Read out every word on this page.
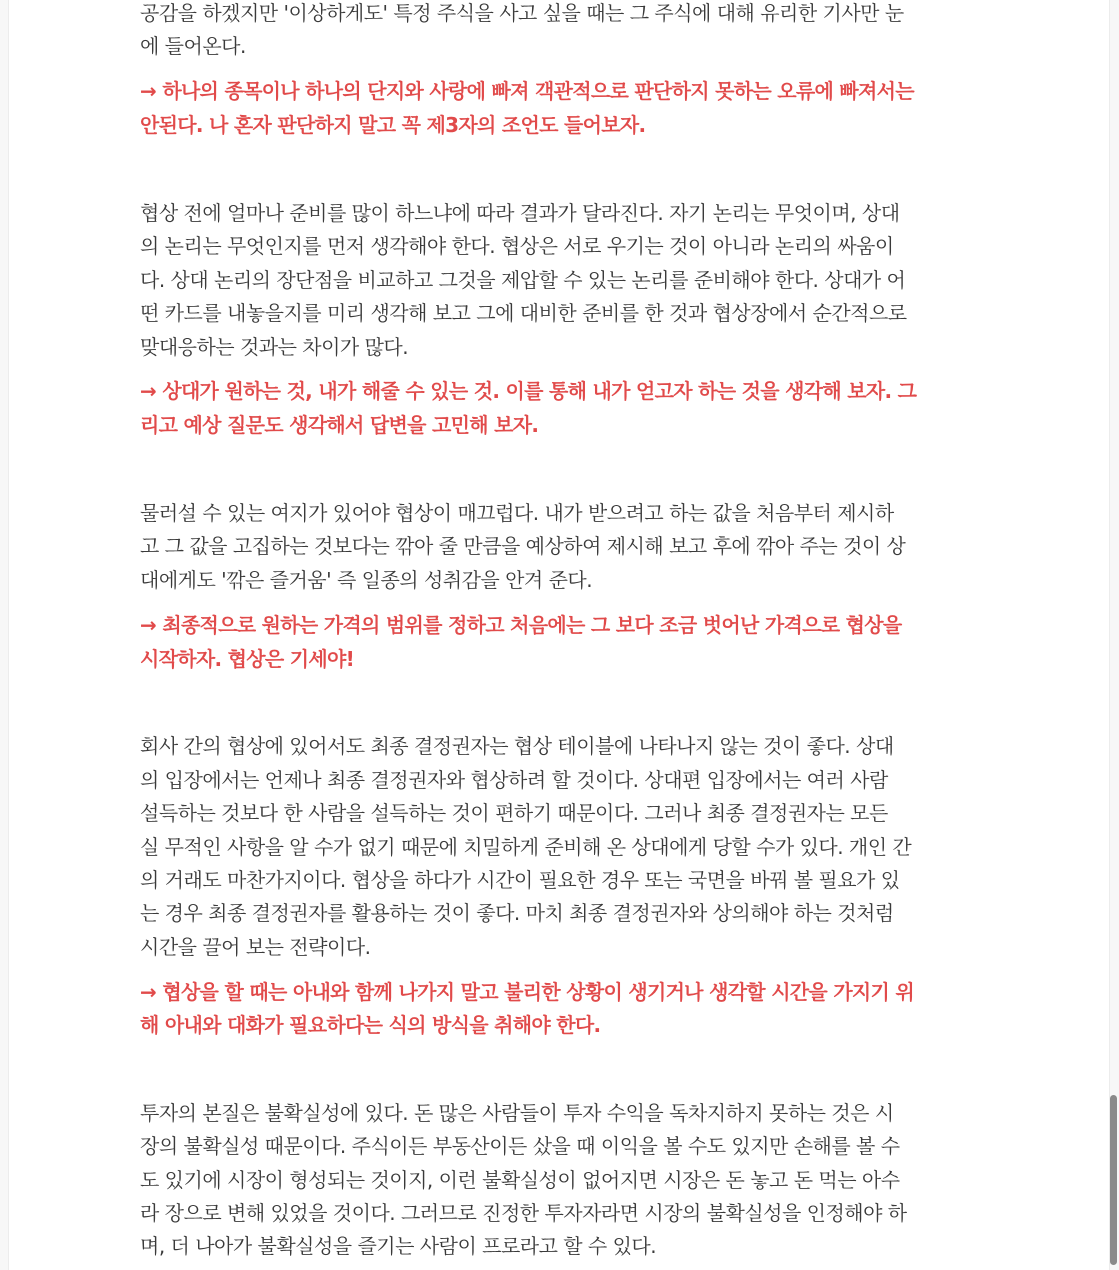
공감을 하겠지만 '이상하게도' 특정 주식을 사고 싶을 때는 그 주식에 대해 유리한 기사만 눈
에 들어온다.
→ 하나의 종목이나 하나의 단지와 사랑에 빠져 객관적으로 판단하지 못하는 오류에 빠져서는
안된다. 나 혼자 판단하지 말고 꼭 제3자의 조언도 들어보자.
협상 전에 얼마나 준비를 많이 하느냐에 따라 결과가 달라진다. 자기 논리는 무엇이며, 상대
의 논리는 무엇인지를 먼저 생각해야 한다. 협상은 서로 우기는 것이 아니라 논리의 싸움이
다. 상대 논리의 장단점을 비교하고 그것을 제압할 수 있는 논리를 준비해야 한다. 상대가 어
떤 카드를 내놓을지를 미리 생각해 보고 그에 대비한 준비를 한 것과 협상장에서 순간적으로
맞대응하는 것과는 차이가 많다.
→ 상대가 원하는 것, 내가 해줄 수 있는 것. 이를 통해 내가 얻고자 하는 것을 생각해 보자. 그
리고 예상 질문도 생각해서 답변을 고민해 보자.
물러설 수 있는 여지가 있어야 협상이 매끄럽다. 내가 받으려고 하는 값을 처음부터 제시하
고 그 값을 고집하는 것보다는 깎아 줄 만큼을 예상하여 제시해 보고 후에 깎아 주는 것이 상
대에게도 '깎은 즐거움' 즉 일종의 성취감을 안겨 준다.
→ 최종적으로 원하는 가격의 범위를 정하고 처음에는 그 보다 조금 벗어난 가격으로 협상을
시작하자. 협상은 기세야!
회사 간의 협상에 있어서도 최종 결정권자는 협상 테이블에 나타나지 않는 것이 좋다. 상대
의 입장에서는 언제나 최종 결정권자와 협상하려 할 것이다. 상대편 입장에서는 여러 사람
설득하는 것보다 한 사람을 설득하는 것이 편하기 때문이다. 그러나 최종 결정권자는 모든
실 무적인 사항을 알 수가 없기 때문에 치밀하게 준비해 온 상대에게 당할 수가 있다. 개인 간
의 거래도 마찬가지이다. 협상을 하다가 시간이 필요한 경우 또는 국면을 바꿔 볼 필요가 있
는 경우 최종 결정권자를 활용하는 것이 좋다. 마치 최종 결정권자와 상의해야 하는 것처럼
시간을 끌어 보는 전략이다.
→ 협상을 할 때는 아내와 함께 나가지 말고 불리한 상황이 생기거나 생각할 시간을 가지기 위
해 아내와 대화가 필요하다는 식의 방식을 취해야 한다.
투자의 본질은 불확실성에 있다. 돈 많은 사람들이 투자 수익을 독차지하지 못하는 것은 시
장의 불확실성 때문이다. 주식이든 부동산이든 샀을 때 이익을 볼 수도 있지만 손해를 볼 수
도 있기에 시장이 형성되는 것이지, 이런 불확실성이 없어지면 시장은 돈 놓고 돈 먹는 아수
라 장으로 변해 있었을 것이다. 그러므로 진정한 투자자라면 시장의 불확실성을 인정해야 하
며, 더 나아가 불확실성을 즐기는 사람이 프로라고 할 수 있다.
